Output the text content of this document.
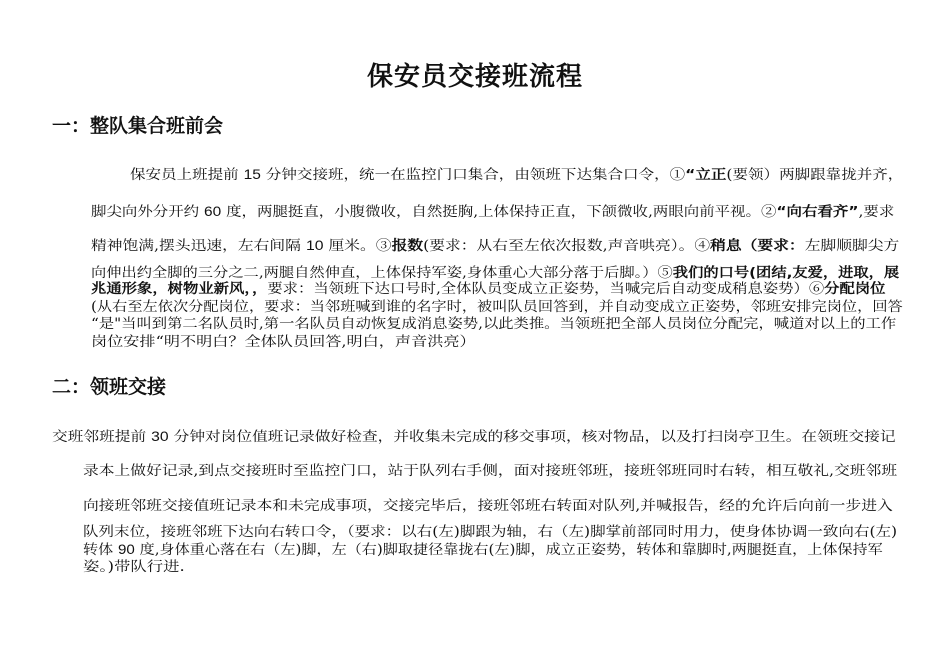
保安员交接班流程
一：整队集合班前会
保安员上班提前 15 分钟交接班，统一在监控门口集合，由领班下达集合口令，①“立正(要领）两脚跟靠拢并齐，
脚尖向外分开约 60 度，两腿挺直，小腹微收，自然挺胸,上体保持正直，下颌微收,两眼向前平视。②“向右看齐”,要求
精神饱满,摆头迅速，左右间隔 10 厘米。③报数(要求：从右至左依次报数,声音哄亮）。④稍息（要求：左脚顺脚尖方
向伸出约全脚的三分之二,两腿自然伸直，上体保持军姿,身体重心大部分落于后脚。）⑤我们的口号(团结,友爱，进取，展
兆通形象，树物业新风，，要求：当领班下达口号时,全体队员变成立正姿势，当喊完后自动变成稍息姿势）⑥分配岗位
(从右至左依次分配岗位，要求：当邻班喊到谁的名字时，被叫队员回答到，并自动变成立正姿势，邻班安排完岗位，回答
“是"当叫到第二名队员时,第一名队员自动恢复成消息姿势,以此类推。当领班把全部人员岗位分配完，喊道对以上的工作
岗位安排“明不明白？全体队员回答,明白，声音洪亮）
二：领班交接
交班邻班提前 30 分钟对岗位值班记录做好检查，并收集未完成的移交事项，核对物品，以及打扫岗亭卫生。在领班交接记
录本上做好记录,到点交接班时至监控门口，站于队列右手侧，面对接班邻班，接班邻班同时右转，相互敬礼,交班邻班
向接班邻班交接值班记录本和未完成事项，交接完毕后，接班邻班右转面对队列,并喊报告，经的允许后向前一步进入
队列末位，接班邻班下达向右转口令，（要求：以右(左)脚跟为轴，右（左)脚掌前部同时用力，使身体协调一致向右(左)
转体 90 度,身体重心落在右（左)脚，左（右)脚取捷径靠拢右(左)脚，成立正姿势，转体和靠脚时,两腿挺直，上体保持军
姿。)带队行进.
